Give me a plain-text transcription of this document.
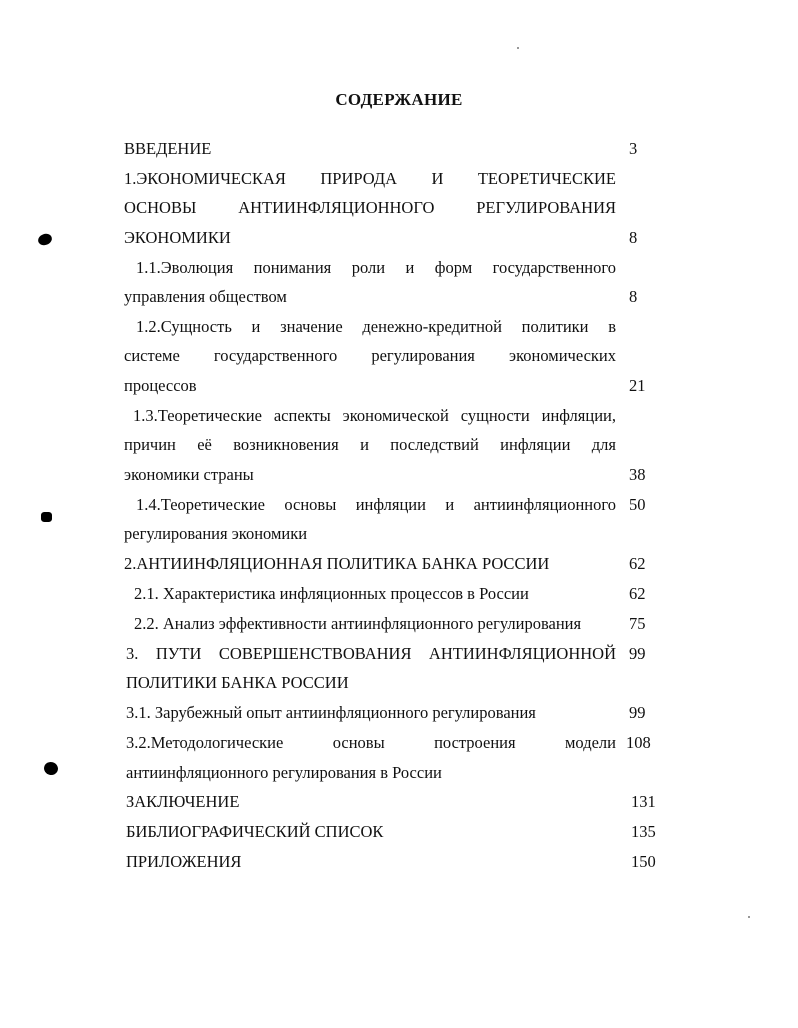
СОДЕРЖАНИЕ
ВВЕДЕНИЕ	3
1.ЭКОНОМИЧЕСКАЯ ПРИРОДА И ТЕОРЕТИЧЕСКИЕ
ОСНОВЫ АНТИИНФЛЯЦИОННОГО РЕГУЛИРОВАНИЯ
ЭКОНОМИКИ	8
1.1.Эволюция понимания роли и форм государственного
управления обществом	8
1.2.Сущность и значение денежно-кредитной политики в
системе государственного регулирования экономических
процессов	21
1.3.Теоретические аспекты экономической сущности инфляции,
причин её возникновения и последствий инфляции для
экономики страны	38
1.4.Теоретические основы инфляции и антиинфляционного 50
регулирования экономики
2.АНТИИНФЛЯЦИОННАЯ ПОЛИТИКА БАНКА РОССИИ	62
2.1. Характеристика инфляционных процессов в России	62
2.2. Анализ эффективности антиинфляционного регулирования	75
3. ПУТИ СОВЕРШЕНСТВОВАНИЯ АНТИИНФЛЯЦИОННОЙ 99
ПОЛИТИКИ БАНКА РОССИИ
3.1. Зарубежный опыт антиинфляционного регулирования	99
3.2.Методологические основы построения модели 108
антиинфляционного регулирования в России
ЗАКЛЮЧЕНИЕ	131
БИБЛИОГРАФИЧЕСКИЙ СПИСОК	135
ПРИЛОЖЕНИЯ	150
